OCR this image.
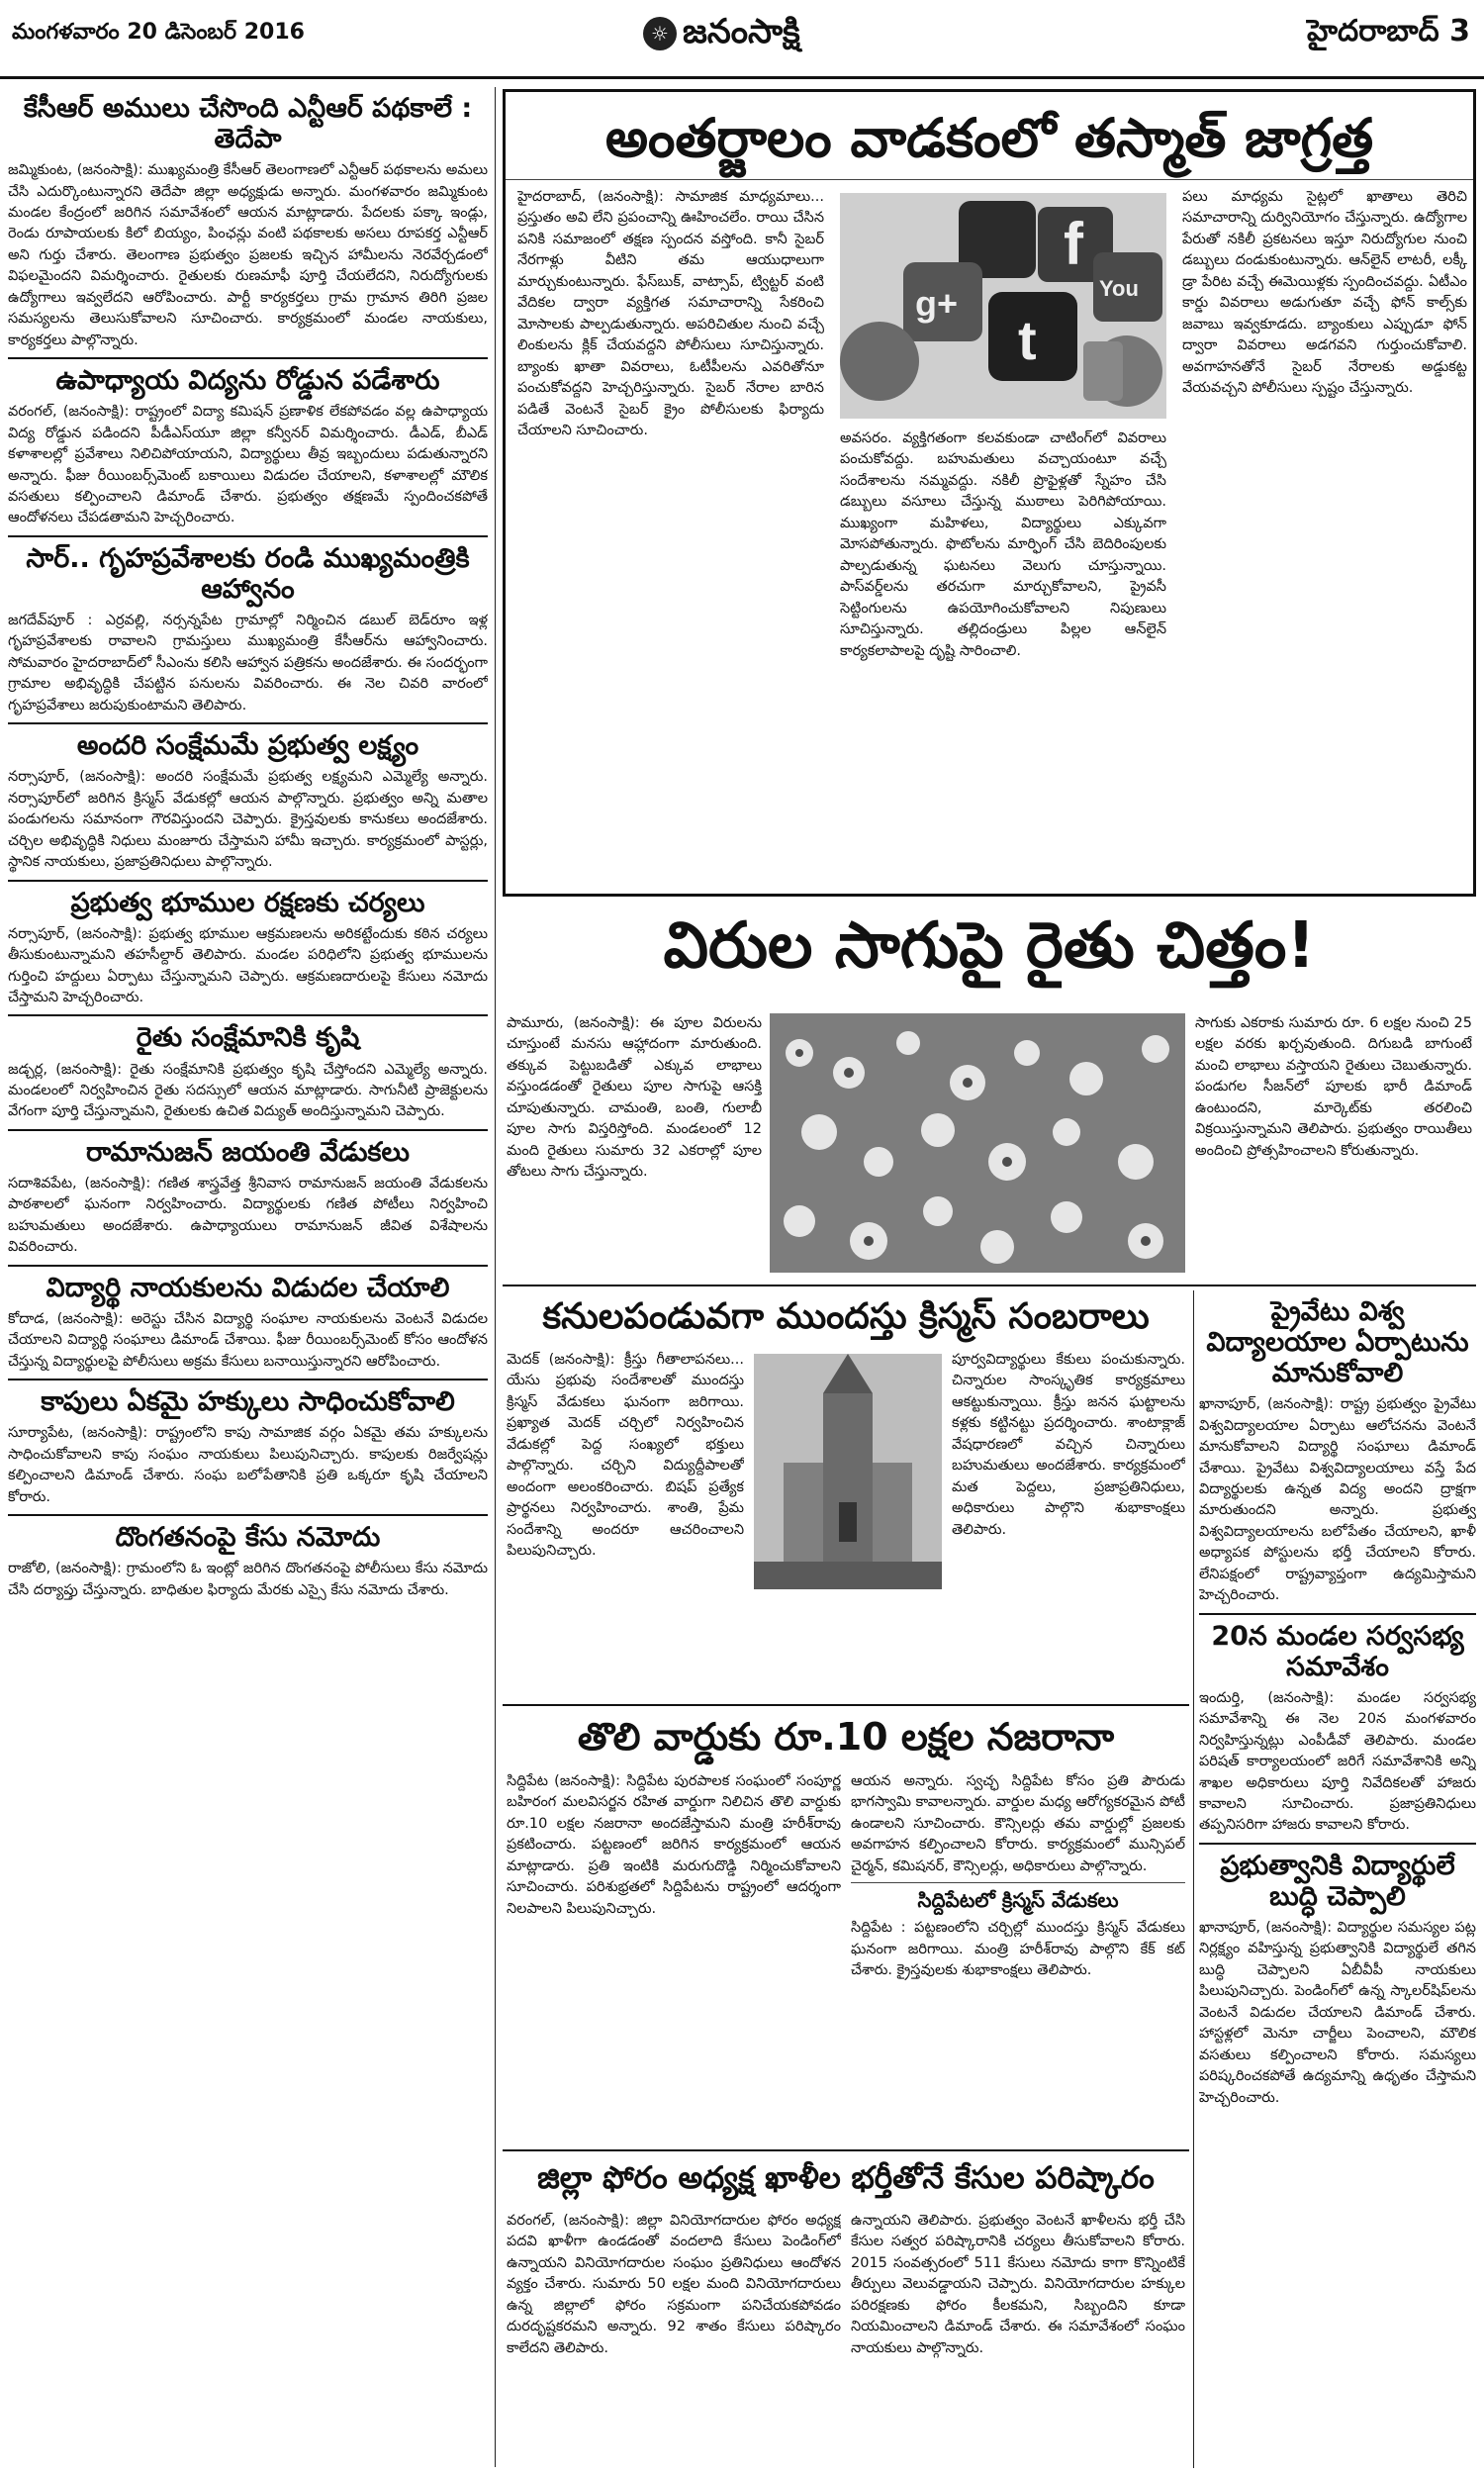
మంగళవారం 20 డిసెంబర్ 2016	☼ జనంసాక్షి	హైదరాబాద్ 3
కేసీఆర్ అములు చేసొంది ఎన్టీఆర్ పథకాలే : తెదేపా

జమ్మికుంట, (జనంసాక్షి): ముఖ్యమంత్రి కేసీఆర్ తెలంగాణలో ఎన్టీఆర్ పథకాలను అమలు చేసి ఎదుర్కొంటున్నారని తెదేపా జిల్లా అధ్యక్షుడు అన్నారు. మంగళవారం జమ్మికుంట మండల కేంద్రంలో జరిగిన సమావేశంలో ఆయన మాట్లాడారు. పేదలకు పక్కా ఇండ్లు, రెండు రూపాయలకు కిలో బియ్యం, పింఛన్లు వంటి పథకాలకు అసలు రూపకర్త ఎన్టీఆర్ అని గుర్తు చేశారు. తెలంగాణ ప్రభుత్వం ప్రజలకు ఇచ్చిన హామీలను నెరవేర్చడంలో విఫలమైందని విమర్శించారు. రైతులకు రుణమాఫీ పూర్తి చేయలేదని, నిరుద్యోగులకు ఉద్యోగాలు ఇవ్వలేదని ఆరోపించారు. పార్టీ కార్యకర్తలు గ్రామ గ్రామాన తిరిగి ప్రజల సమస్యలను తెలుసుకోవాలని సూచించారు. కార్యక్రమంలో మండల నాయకులు, కార్యకర్తలు పాల్గొన్నారు.

ఉపాధ్యాయ విద్యను రోడ్డున పడేశారు

వరంగల్, (జనంసాక్షి): రాష్ట్రంలో విద్యా కమిషన్ ప్రణాళిక లేకపోవడం వల్ల ఉపాధ్యాయ విద్య రోడ్డున పడిందని పీడీఎస్‌యూ జిల్లా కన్వీనర్ విమర్శించారు. డీఎడ్, బీఎడ్ కళాశాలల్లో ప్రవేశాలు నిలిచిపోయాయని, విద్యార్థులు తీవ్ర ఇబ్బందులు పడుతున్నారని అన్నారు. ఫీజు రీయింబర్స్‌మెంట్ బకాయిలు విడుదల చేయాలని, కళాశాలల్లో మౌలిక వసతులు కల్పించాలని డిమాండ్ చేశారు. ప్రభుత్వం తక్షణమే స్పందించకపోతే ఆందోళనలు చేపడతామని హెచ్చరించారు.

సార్.. గృహప్రవేశాలకు రండి ముఖ్యమంత్రికి ఆహ్వానం

జగదేవ్‌పూర్ : ఎర్రవల్లి, నర్సన్నపేట గ్రామాల్లో నిర్మించిన డబుల్ బెడ్‌రూం ఇళ్ల గృహప్రవేశాలకు రావాలని గ్రామస్తులు ముఖ్యమంత్రి కేసీఆర్‌ను ఆహ్వానించారు. సోమవారం హైదరాబాద్‌లో సీఎంను కలిసి ఆహ్వాన పత్రికను అందజేశారు. ఈ సందర్భంగా గ్రామాల అభివృద్ధికి చేపట్టిన పనులను వివరించారు. ఈ నెల చివరి వారంలో గృహప్రవేశాలు జరుపుకుంటామని తెలిపారు.

అందరి సంక్షేమమే ప్రభుత్వ లక్ష్యం

నర్సాపూర్, (జనంసాక్షి): అందరి సంక్షేమమే ప్రభుత్వ లక్ష్యమని ఎమ్మెల్యే అన్నారు. నర్సాపూర్‌లో జరిగిన క్రిస్మస్ వేడుకల్లో ఆయన పాల్గొన్నారు. ప్రభుత్వం అన్ని మతాల పండుగలను సమానంగా గౌరవిస్తుందని చెప్పారు. క్రైస్తవులకు కానుకలు అందజేశారు. చర్చిల అభివృద్ధికి నిధులు మంజూరు చేస్తామని హామీ ఇచ్చారు. కార్యక్రమంలో పాస్టర్లు, స్థానిక నాయకులు, ప్రజాప్రతినిధులు పాల్గొన్నారు.

ప్రభుత్వ భూముల రక్షణకు చర్యలు

నర్సాపూర్, (జనంసాక్షి): ప్రభుత్వ భూముల ఆక్రమణలను అరికట్టేందుకు కఠిన చర్యలు తీసుకుంటున్నామని తహసీల్దార్ తెలిపారు. మండల పరిధిలోని ప్రభుత్వ భూములను గుర్తించి హద్దులు ఏర్పాటు చేస్తున్నామని చెప్పారు. ఆక్రమణదారులపై కేసులు నమోదు చేస్తామని హెచ్చరించారు.

రైతు సంక్షేమానికి కృషి

జడ్చర్ల, (జనంసాక్షి): రైతు సంక్షేమానికి ప్రభుత్వం కృషి చేస్తోందని ఎమ్మెల్యే అన్నారు. మండలంలో నిర్వహించిన రైతు సదస్సులో ఆయన మాట్లాడారు. సాగునీటి ప్రాజెక్టులను వేగంగా పూర్తి చేస్తున్నామని, రైతులకు ఉచిత విద్యుత్ అందిస్తున్నామని చెప్పారు.

రామానుజన్ జయంతి వేడుకలు

సదాశివపేట, (జనంసాక్షి): గణిత శాస్త్రవేత్త శ్రీనివాస రామానుజన్ జయంతి వేడుకలను పాఠశాలలో ఘనంగా నిర్వహించారు. విద్యార్థులకు గణిత పోటీలు నిర్వహించి బహుమతులు అందజేశారు. ఉపాధ్యాయులు రామానుజన్ జీవిత విశేషాలను వివరించారు.

విద్యార్థి నాయకులను విడుదల చేయాలి

కోదాడ, (జనంసాక్షి): అరెస్టు చేసిన విద్యార్థి సంఘాల నాయకులను వెంటనే విడుదల చేయాలని విద్యార్థి సంఘాలు డిమాండ్ చేశాయి. ఫీజు రీయింబర్స్‌మెంట్ కోసం ఆందోళన చేస్తున్న విద్యార్థులపై పోలీసులు అక్రమ కేసులు బనాయిస్తున్నారని ఆరోపించారు.

కాపులు ఏకమై హక్కులు సాధించుకోవాలి

సూర్యాపేట, (జనంసాక్షి): రాష్ట్రంలోని కాపు సామాజిక వర్గం ఏకమై తమ హక్కులను సాధించుకోవాలని కాపు సంఘం నాయకులు పిలుపునిచ్చారు. కాపులకు రిజర్వేషన్లు కల్పించాలని డిమాండ్ చేశారు. సంఘ బలోపేతానికి ప్రతి ఒక్కరూ కృషి చేయాలని కోరారు.

దొంగతనంపై కేసు నమోదు

రాజోలి, (జనంసాక్షి): గ్రామంలోని ఓ ఇంట్లో జరిగిన దొంగతనంపై పోలీసులు కేసు నమోదు చేసి దర్యాప్తు చేస్తున్నారు. బాధితుల ఫిర్యాదు మేరకు ఎస్సై కేసు నమోదు చేశారు.

అంతర్జాలం వాడకంలో తస్మాత్ జాగ్రత్త

హైదరాబాద్, (జనంసాక్షి): సామాజిక మాధ్యమాలు... ప్రస్తుతం అవి లేని ప్రపంచాన్ని ఊహించలేం. రాయి చేసిన పనికి సమాజంలో తక్షణ స్పందన వస్తోంది. కానీ సైబర్ నేరగాళ్లు వీటిని తమ ఆయుధాలుగా మార్చుకుంటున్నారు. ఫేస్‌బుక్, వాట్సాప్, ట్విట్టర్ వంటి వేదికల ద్వారా వ్యక్తిగత సమాచారాన్ని సేకరించి మోసాలకు పాల్పడుతున్నారు. అపరిచితుల నుంచి వచ్చే లింకులను క్లిక్ చేయవద్దని పోలీసులు సూచిస్తున్నారు. బ్యాంకు ఖాతా వివరాలు, ఓటీపీలను ఎవరితోనూ పంచుకోవద్దని హెచ్చరిస్తున్నారు. సైబర్ నేరాల బారిన పడితే వెంటనే సైబర్ క్రైం పోలీసులకు ఫిర్యాదు చేయాలని సూచించారు.

f
You
g+
t

అవసరం. వ్యక్తిగతంగా కలవకుండా చాటింగ్‌లో వివరాలు పంచుకోవద్దు. బహుమతులు వచ్చాయంటూ వచ్చే సందేశాలను నమ్మవద్దు. నకిలీ ప్రొఫైళ్లతో స్నేహం చేసి డబ్బులు వసూలు చేస్తున్న ముఠాలు పెరిగిపోయాయి. ముఖ్యంగా మహిళలు, విద్యార్థులు ఎక్కువగా మోసపోతున్నారు. ఫొటోలను మార్ఫింగ్ చేసి బెదిరింపులకు పాల్పడుతున్న ఘటనలు వెలుగు చూస్తున్నాయి. పాస్‌వర్డ్‌లను తరచుగా మార్చుకోవాలని, ప్రైవసీ సెట్టింగులను ఉపయోగించుకోవాలని నిపుణులు సూచిస్తున్నారు. తల్లిదండ్రులు పిల్లల ఆన్‌లైన్ కార్యకలాపాలపై దృష్టి సారించాలి.

పలు మాధ్యమ సైట్లలో ఖాతాలు తెరిచి సమాచారాన్ని దుర్వినియోగం చేస్తున్నారు. ఉద్యోగాల పేరుతో నకిలీ ప్రకటనలు ఇస్తూ నిరుద్యోగుల నుంచి డబ్బులు దండుకుంటున్నారు. ఆన్‌లైన్ లాటరీ, లక్కీ డ్రా పేరిట వచ్చే ఈమెయిళ్లకు స్పందించవద్దు. ఏటీఎం కార్డు వివరాలు అడుగుతూ వచ్చే ఫోన్ కాల్స్‌కు జవాబు ఇవ్వకూడదు. బ్యాంకులు ఎప్పుడూ ఫోన్ ద్వారా వివరాలు అడగవని గుర్తుంచుకోవాలి. అవగాహనతోనే సైబర్ నేరాలకు అడ్డుకట్ట వేయవచ్చని పోలీసులు స్పష్టం చేస్తున్నారు.

విరుల సాగుపై రైతు చిత్తం!

పామూరు, (జనంసాక్షి): ఈ పూల విరులను చూస్తుంటే మనసు ఆహ్లాదంగా మారుతుంది. తక్కువ పెట్టుబడితో ఎక్కువ లాభాలు వస్తుండడంతో రైతులు పూల సాగుపై ఆసక్తి చూపుతున్నారు. చామంతి, బంతి, గులాబీ పూల సాగు విస్తరిస్తోంది. మండలంలో 12 మంది రైతులు సుమారు 32 ఎకరాల్లో పూల తోటలు సాగు చేస్తున్నారు.

సాగుకు ఎకరాకు సుమారు రూ. 6 లక్షల నుంచి 25 లక్షల వరకు ఖర్చవుతుంది. దిగుబడి బాగుంటే మంచి లాభాలు వస్తాయని రైతులు చెబుతున్నారు. పండుగల సీజన్‌లో పూలకు భారీ డిమాండ్ ఉంటుందని, మార్కెట్‌కు తరలించి విక్రయిస్తున్నామని తెలిపారు. ప్రభుత్వం రాయితీలు అందించి ప్రోత్సహించాలని కోరుతున్నారు.

కనులపండువగా ముందస్తు క్రిస్మస్ సంబరాలు

మెదక్ (జనంసాక్షి): క్రీస్తు గీతాలాపనలు... యేసు ప్రభువు సందేశాలతో ముందస్తు క్రిస్మస్ వేడుకలు ఘనంగా జరిగాయి. ప్రఖ్యాత మెదక్ చర్చిలో నిర్వహించిన వేడుకల్లో పెద్ద సంఖ్యలో భక్తులు పాల్గొన్నారు. చర్చిని విద్యుద్దీపాలతో అందంగా అలంకరించారు. బిషప్ ప్రత్యేక ప్రార్థనలు నిర్వహించారు. శాంతి, ప్రేమ సందేశాన్ని అందరూ ఆచరించాలని పిలుపునిచ్చారు.

పూర్వవిద్యార్థులు కేకులు పంచుకున్నారు. చిన్నారుల సాంస్కృతిక కార్యక్రమాలు ఆకట్టుకున్నాయి. క్రీస్తు జనన ఘట్టాలను కళ్లకు కట్టినట్టు ప్రదర్శించారు. శాంటాక్లాజ్ వేషధారణలో వచ్చిన చిన్నారులు బహుమతులు అందజేశారు. కార్యక్రమంలో మత పెద్దలు, ప్రజాప్రతినిధులు, అధికారులు పాల్గొని శుభాకాంక్షలు తెలిపారు.

ప్రైవేటు విశ్వ విద్యాలయాల ఏర్పాటును మానుకోవాలి

ఖానాపూర్, (జనంసాక్షి): రాష్ట్ర ప్రభుత్వం ప్రైవేటు విశ్వవిద్యాలయాల ఏర్పాటు ఆలోచనను వెంటనే మానుకోవాలని విద్యార్థి సంఘాలు డిమాండ్ చేశాయి. ప్రైవేటు విశ్వవిద్యాలయాలు వస్తే పేద విద్యార్థులకు ఉన్నత విద్య అందని ద్రాక్షగా మారుతుందని అన్నారు. ప్రభుత్వ విశ్వవిద్యాలయాలను బలోపేతం చేయాలని, ఖాళీ అధ్యాపక పోస్టులను భర్తీ చేయాలని కోరారు. లేనిపక్షంలో రాష్ట్రవ్యాప్తంగా ఉద్యమిస్తామని హెచ్చరించారు.

20న మండల సర్వసభ్య సమావేశం

ఇందుర్తి, (జనంసాక్షి): మండల సర్వసభ్య సమావేశాన్ని ఈ నెల 20న మంగళవారం నిర్వహిస్తున్నట్లు ఎంపీడీవో తెలిపారు. మండల పరిషత్ కార్యాలయంలో జరిగే సమావేశానికి అన్ని శాఖల అధికారులు పూర్తి నివేదికలతో హాజరు కావాలని సూచించారు. ప్రజాప్రతినిధులు తప్పనిసరిగా హాజరు కావాలని కోరారు.

ప్రభుత్వానికి విద్యార్థులే బుద్ధి చెప్పాలి

ఖానాపూర్, (జనంసాక్షి): విద్యార్థుల సమస్యల పట్ల నిర్లక్ష్యం వహిస్తున్న ప్రభుత్వానికి విద్యార్థులే తగిన బుద్ధి చెప్పాలని ఏబీవీపీ నాయకులు పిలుపునిచ్చారు. పెండింగ్‌లో ఉన్న స్కాలర్‌షిప్‌లను వెంటనే విడుదల చేయాలని డిమాండ్ చేశారు. హాస్టళ్లలో మెనూ చార్జీలు పెంచాలని, మౌలిక వసతులు కల్పించాలని కోరారు. సమస్యలు పరిష్కరించకపోతే ఉద్యమాన్ని ఉధృతం చేస్తామని హెచ్చరించారు.

తొలి వార్డుకు రూ.10 లక్షల నజరానా

సిద్దిపేట (జనంసాక్షి): సిద్దిపేట పురపాలక సంఘంలో సంపూర్ణ బహిరంగ మలవిసర్జన రహిత వార్డుగా నిలిచిన తొలి వార్డుకు రూ.10 లక్షల నజరానా అందజేస్తామని మంత్రి హరీశ్‌రావు ప్రకటించారు. పట్టణంలో జరిగిన కార్యక్రమంలో ఆయన మాట్లాడారు. ప్రతి ఇంటికి మరుగుదొడ్డి నిర్మించుకోవాలని సూచించారు. పరిశుభ్రతలో సిద్దిపేటను రాష్ట్రంలో ఆదర్శంగా నిలపాలని పిలుపునిచ్చారు.

ఆయన అన్నారు. స్వచ్ఛ సిద్దిపేట కోసం ప్రతి పౌరుడు భాగస్వామి కావాలన్నారు. వార్డుల మధ్య ఆరోగ్యకరమైన పోటీ ఉండాలని సూచించారు. కౌన్సిలర్లు తమ వార్డుల్లో ప్రజలకు అవగాహన కల్పించాలని కోరారు. కార్యక్రమంలో మున్సిపల్ చైర్మన్, కమిషనర్, కౌన్సిలర్లు, అధికారులు పాల్గొన్నారు.

సిద్దిపేటలో క్రిస్మస్ వేడుకలు

సిద్దిపేట : పట్టణంలోని చర్చిల్లో ముందస్తు క్రిస్మస్ వేడుకలు ఘనంగా జరిగాయి. మంత్రి హరీశ్‌రావు పాల్గొని కేక్ కట్ చేశారు. క్రైస్తవులకు శుభాకాంక్షలు తెలిపారు.

జిల్లా ఫోరం అధ్యక్ష ఖాళీల భర్తీతోనే కేసుల పరిష్కారం

వరంగల్, (జనంసాక్షి): జిల్లా వినియోగదారుల ఫోరం అధ్యక్ష పదవి ఖాళీగా ఉండడంతో వందలాది కేసులు పెండింగ్‌లో ఉన్నాయని వినియోగదారుల సంఘం ప్రతినిధులు ఆందోళన వ్యక్తం చేశారు. సుమారు 50 లక్షల మంది వినియోగదారులు ఉన్న జిల్లాలో ఫోరం సక్రమంగా పనిచేయకపోవడం దురదృష్టకరమని అన్నారు. 92 శాతం కేసులు పరిష్కారం కాలేదని తెలిపారు.

ఉన్నాయని తెలిపారు. ప్రభుత్వం వెంటనే ఖాళీలను భర్తీ చేసి కేసుల సత్వర పరిష్కారానికి చర్యలు తీసుకోవాలని కోరారు. 2015 సంవత్సరంలో 511 కేసులు నమోదు కాగా కొన్నింటికే తీర్పులు వెలువడ్డాయని చెప్పారు. వినియోగదారుల హక్కుల పరిరక్షణకు ఫోరం కీలకమని, సిబ్బందిని కూడా నియమించాలని డిమాండ్ చేశారు. ఈ సమావేశంలో సంఘం నాయకులు పాల్గొన్నారు.
